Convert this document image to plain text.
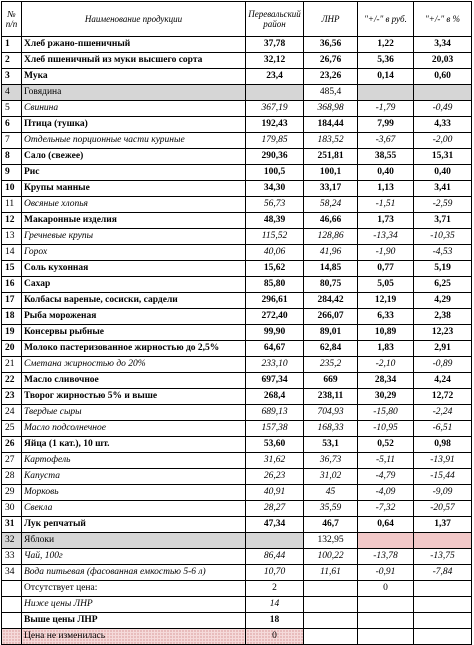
№ п/п	Наименование продукции	Перевальский район	ЛНР	"+/-" в руб.	"+/-" в %
1	Хлеб ржано-пшеничный	37,78	36,56	1,22	3,34
2	Хлеб пшеничный из муки высшего сорта	32,12	26,76	5,36	20,03
3	Мука	23,4	23,26	0,14	0,60
4	Говядина		485,4		
5	Свинина	367,19	368,98	-1,79	-0,49
6	Птица (тушка)	192,43	184,44	7,99	4,33
7	Отдельные порционные части куриные	179,85	183,52	-3,67	-2,00
8	Сало (свежее)	290,36	251,81	38,55	15,31
9	Рис	100,5	100,1	0,40	0,40
10	Крупы манные	34,30	33,17	1,13	3,41
11	Овсяные хлопья	56,73	58,24	-1,51	-2,59
12	Макаронные изделия	48,39	46,66	1,73	3,71
13	Гречневые крупы	115,52	128,86	-13,34	-10,35
14	Горох	40,06	41,96	-1,90	-4,53
15	Соль кухонная	15,62	14,85	0,77	5,19
16	Сахар	85,80	80,75	5,05	6,25
17	Колбасы вареные, сосиски, сардели	296,61	284,42	12,19	4,29
18	Рыба мороженая	272,40	266,07	6,33	2,38
19	Консервы рыбные	99,90	89,01	10,89	12,23
20	Молоко пастеризованное жирностью до 2,5%	64,67	62,84	1,83	2,91
21	Сметана жирностью до 20%	233,10	235,2	-2,10	-0,89
22	Масло сливочное	697,34	669	28,34	4,24
23	Творог жирностью 5% и выше	268,4	238,11	30,29	12,72
24	Твердые сыры	689,13	704,93	-15,80	-2,24
25	Масло подсолнечное	157,38	168,33	-10,95	-6,51
26	Яйца (1 кат.), 10 шт.	53,60	53,1	0,52	0,98
27	Картофель	31,62	36,73	-5,11	-13,91
28	Капуста	26,23	31,02	-4,79	-15,44
29	Морковь	40,91	45	-4,09	-9,09
30	Свекла	28,27	35,59	-7,32	-20,57
31	Лук репчатый	47,34	46,7	0,64	1,37
32	Яблоки		132,95		
33	Чай, 100г	86,44	100,22	-13,78	-13,75
34	Вода питьевая (фасованная емкостью 5-6 л)	10,70	11,61	-0,91	-7,84
	Отсутствует цена:	2		0	
	Ниже цены ЛНР	14			
	Выше цены ЛНР	18			
	Цена не изменилась	0			
